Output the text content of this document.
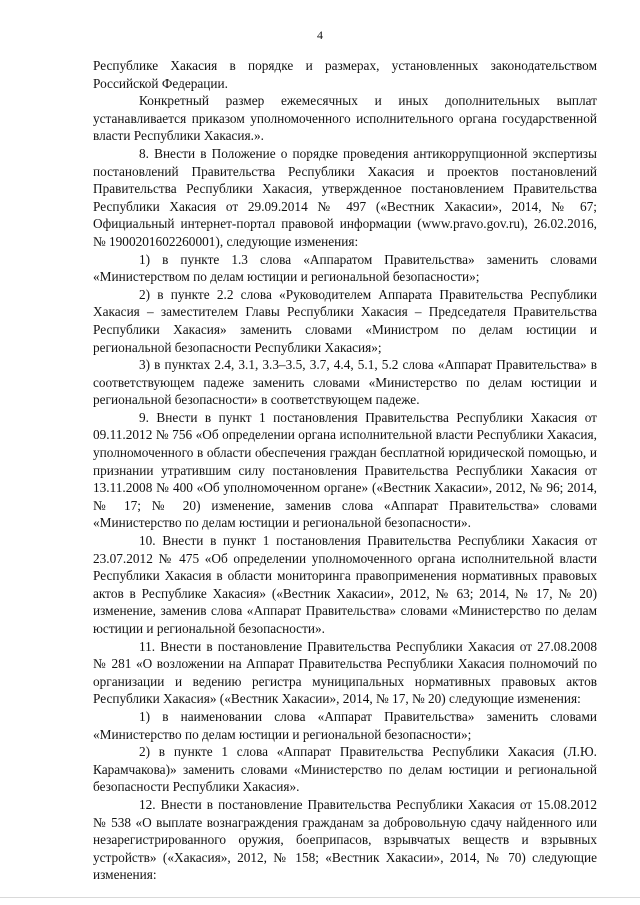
4

Республике Хакасия в порядке и размерах, установленных законодательством Российской Федерации.

Конкретный размер ежемесячных и иных дополнительных выплат устанавливается приказом уполномоченного исполнительного органа государственной власти Республики Хакасия.».

8. Внести в Положение о порядке проведения антикоррупционной экспертизы постановлений Правительства Республики Хакасия и проектов постановлений Правительства Республики Хакасия, утвержденное постановлением Правительства Республики Хакасия от 29.09.2014 № 497 («Вестник Хакасии», 2014, № 67; Официальный интернет-портал правовой информации (www.pravo.gov.ru), 26.02.2016, № 1900201602260001), следующие изменения:

1) в пункте 1.3 слова «Аппаратом Правительства» заменить словами «Министерством по делам юстиции и региональной безопасности»;

2) в пункте 2.2 слова «Руководителем Аппарата Правительства Республики Хакасия – заместителем Главы Республики Хакасия – Председателя Правительства Республики Хакасия» заменить словами «Министром по делам юстиции и региональной безопасности Республики Хакасия»;

3) в пунктах 2.4, 3.1, 3.3–3.5, 3.7, 4.4, 5.1, 5.2 слова «Аппарат Правительства» в соответствующем падеже заменить словами «Министерство по делам юстиции и региональной безопасности» в соответствующем падеже.

9. Внести в пункт 1 постановления Правительства Республики Хакасия от 09.11.2012 № 756 «Об определении органа исполнительной власти Республики Хакасия, уполномоченного в области обеспечения граждан бесплатной юридической помощью, и признании утратившим силу постановления Правительства Республики Хакасия от 13.11.2008 № 400 «Об уполномоченном органе» («Вестник Хакасии», 2012, № 96; 2014, № 17; № 20) изменение, заменив слова «Аппарат Правительства» словами «Министерство по делам юстиции и региональной безопасности».

10. Внести в пункт 1 постановления Правительства Республики Хакасия от 23.07.2012 № 475 «Об определении уполномоченного органа исполнительной власти Республики Хакасия в области мониторинга правоприменения нормативных правовых актов в Республике Хакасия» («Вестник Хакасии», 2012, № 63; 2014, № 17, № 20) изменение, заменив слова «Аппарат Правительства» словами «Министерство по делам юстиции и региональной безопасности».

11. Внести в постановление Правительства Республики Хакасия от 27.08.2008 № 281 «О возложении на Аппарат Правительства Республики Хакасия полномочий по организации и ведению регистра муниципальных нормативных правовых актов Республики Хакасия» («Вестник Хакасии», 2014, № 17, № 20) следующие изменения:

1) в наименовании слова «Аппарат Правительства» заменить словами «Министерство по делам юстиции и региональной безопасности»;

2) в пункте 1 слова «Аппарат Правительства Республики Хакасия (Л.Ю. Карамчакова)» заменить словами «Министерство по делам юстиции и региональной безопасности Республики Хакасия».

12. Внести в постановление Правительства Республики Хакасия от 15.08.2012 № 538 «О выплате вознаграждения гражданам за добровольную сдачу найденного или незарегистрированного оружия, боеприпасов, взрывчатых веществ и взрывных устройств» («Хакасия», 2012, № 158; «Вестник Хакасии», 2014, № 70) следующие изменения:
